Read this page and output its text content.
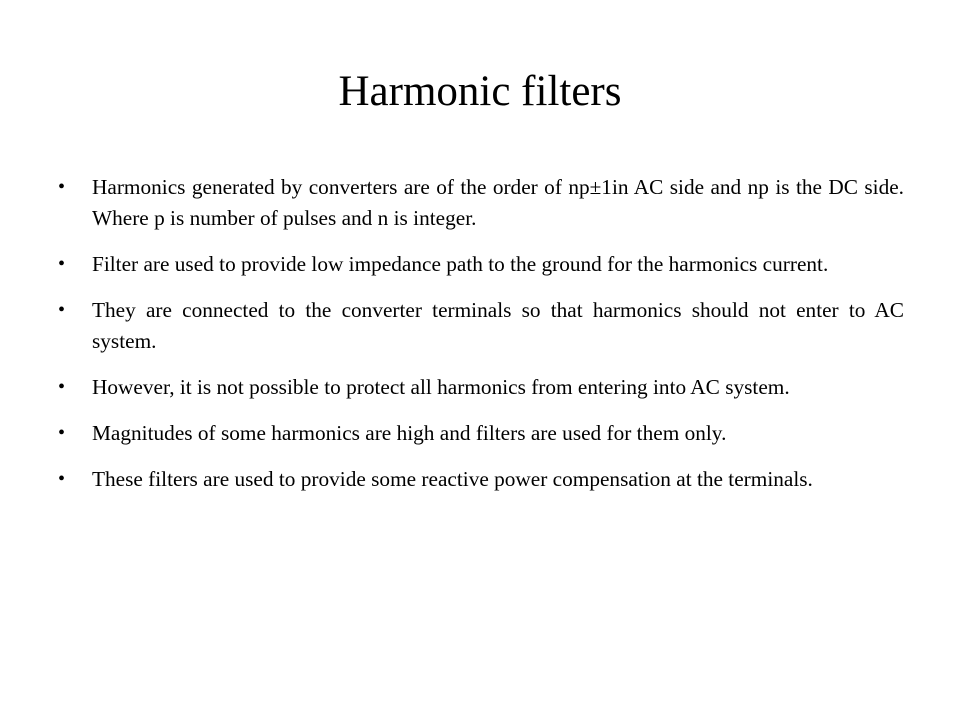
Harmonic filters
• Harmonics generated by converters are of the order of np±1in AC side and np is the DC side. Where p is number of pulses and n is integer.
• Filter are used to provide low impedance path to the ground for the harmonics current.
• They are connected to the converter terminals so that harmonics should not enter to AC system.
• However, it is not possible to protect all harmonics from entering into AC system.
• Magnitudes of some harmonics are high and filters are used for them only.
• These filters are used to provide some reactive power compensation at the terminals.
